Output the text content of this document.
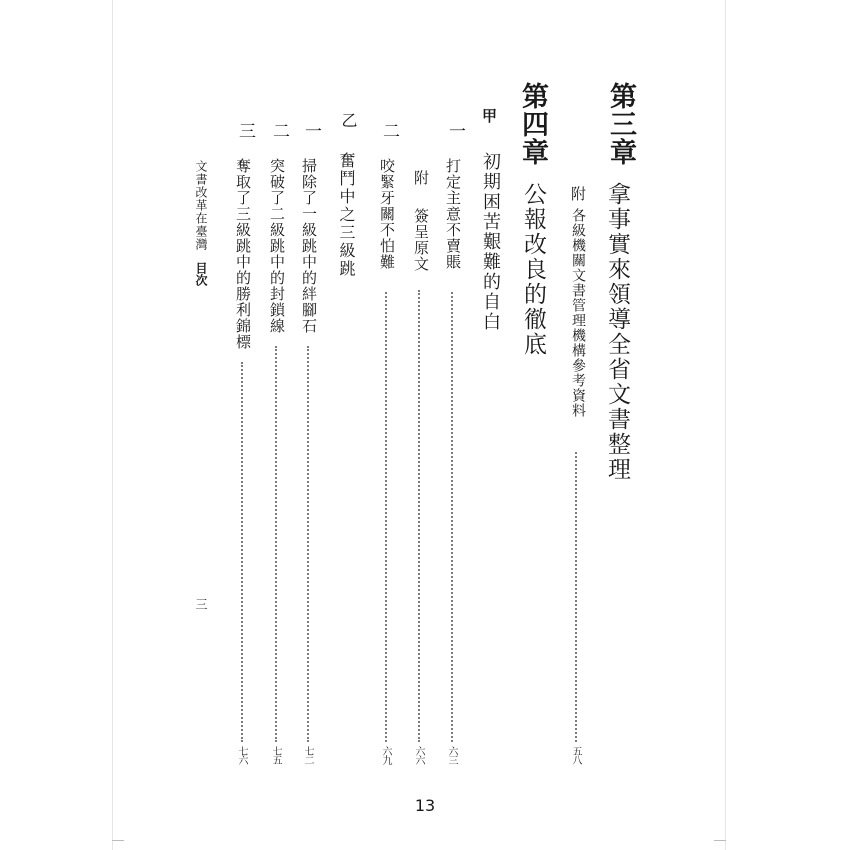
第三章
拿事實來領導全省文書整理
附
各級機關文書管理機構參考資料
五八
第四章
公報改良的徹底
甲
初期困苦艱難的自白
一
打定主意不賣賬
六三
附
簽呈原文
六六
二
咬緊牙關不怕難
六九
乙
奮鬥中之三級跳
一
掃除了一級跳中的絆腳石
七二
二
突破了二級跳中的封鎖線
七五
三
奪取了三級跳中的勝利錦標
七六
文書改革在臺灣
目次
三
13
